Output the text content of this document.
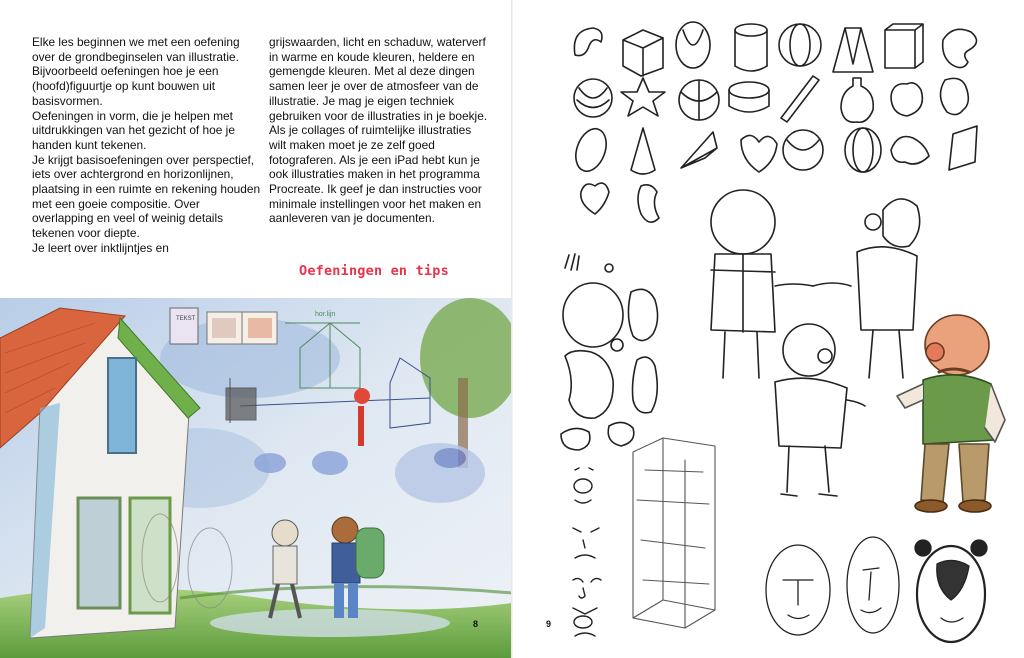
Elke les beginnen we met een oefening over de grondbeginselen van illustratie.

Bijvoorbeeld oefeningen hoe je een (hoofd)figuurtje op kunt bouwen uit basisvormen.

Oefeningen in vorm, die je helpen met uitdrukkingen van het gezicht of hoe je handen kunt tekenen.

Je krijgt basisoefeningen over perspectief, iets over achtergrond en horizonlijnen, plaatsing in een ruimte en rekening houden met een goeie compositie. Over overlapping en veel of weinig details tekenen voor diepte.

Je leert over inktlijntjes en

grijswaarden, licht en schaduw, waterverf in warme en koude kleuren, heldere en gemengde kleuren. Met al deze dingen samen leer je over de atmosfeer van de illustratie. Je mag je eigen techniek gebruiken voor de illustraties in je boekje. Als je collages of ruimtelijke illustraties wilt maken moet je ze zelf goed fotograferen. Als je een iPad hebt kun je ook illustraties maken in het programma Procreate. Ik geef je dan instructies voor minimale instellingen voor het maken en aanleveren van je documenten.

Oefeningen en tips
TEKST
hor.lijn
8	9
